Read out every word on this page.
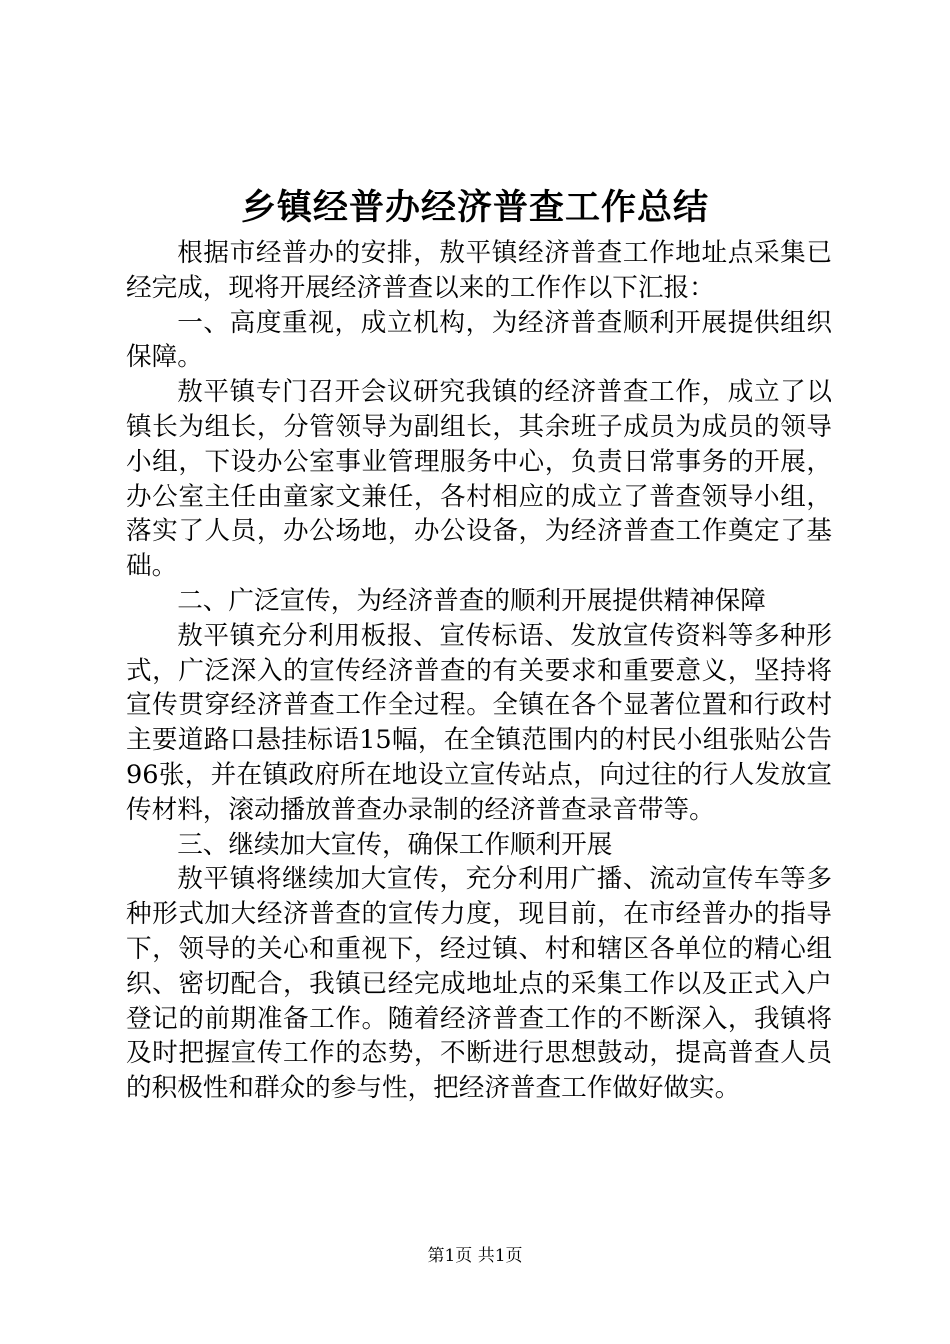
乡镇经普办经济普查工作总结

根据市经普办的安排，敖平镇经济普查工作地址点采集已经完成，现将开展经济普查以来的工作作以下汇报：

一、高度重视，成立机构，为经济普查顺利开展提供组织保障。

敖平镇专门召开会议研究我镇的经济普查工作，成立了以镇长为组长，分管领导为副组长，其余班子成员为成员的领导小组，下设办公室事业管理服务中心，负责日常事务的开展，办公室主任由童家文兼任，各村相应的成立了普查领导小组，落实了人员，办公场地，办公设备，为经济普查工作奠定了基础。

二、广泛宣传，为经济普查的顺利开展提供精神保障

敖平镇充分利用板报、宣传标语、发放宣传资料等多种形式，广泛深入的宣传经济普查的有关要求和重要意义，坚持将宣传贯穿经济普查工作全过程。全镇在各个显著位置和行政村主要道路口悬挂标语15幅，在全镇范围内的村民小组张贴公告96张，并在镇政府所在地设立宣传站点，向过往的行人发放宣传材料，滚动播放普查办录制的经济普查录音带等。

三、继续加大宣传，确保工作顺利开展

敖平镇将继续加大宣传，充分利用广播、流动宣传车等多种形式加大经济普查的宣传力度，现目前，在市经普办的指导下，领导的关心和重视下，经过镇、村和辖区各单位的精心组织、密切配合，我镇已经完成地址点的采集工作以及正式入户登记的前期准备工作。随着经济普查工作的不断深入，我镇将及时把握宣传工作的态势，不断进行思想鼓动，提高普查人员的积极性和群众的参与性，把经济普查工作做好做实。

第1页 共1页
